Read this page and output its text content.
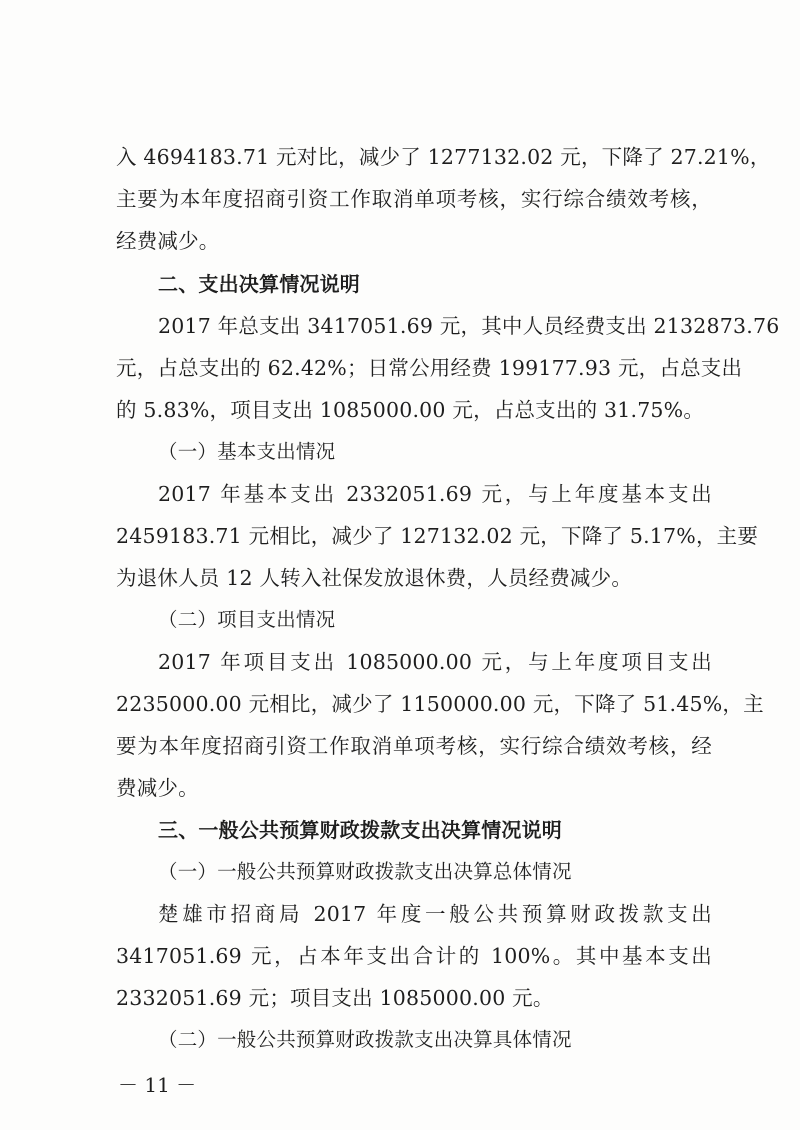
入 4694183.71 元对比，减少了 1277132.02 元，下降了 27.21%，
主要为本年度招商引资工作取消单项考核，实行综合绩效考核，
经费减少。
二、支出决算情况说明
2017 年总支出 3417051.69 元，其中人员经费支出 2132873.76
元，占总支出的 62.42%；日常公用经费 199177.93 元，占总支出
的 5.83%，项目支出 1085000.00 元，占总支出的 31.75%。
（一）基本支出情况
2017 年基本支出 2332051.69 元，与上年度基本支出
2459183.71 元相比，减少了 127132.02 元，下降了 5.17%，主要
为退休人员 12 人转入社保发放退休费，人员经费减少。
（二）项目支出情况
2017 年项目支出 1085000.00 元，与上年度项目支出
2235000.00 元相比，减少了 1150000.00 元，下降了 51.45%，主
要为本年度招商引资工作取消单项考核，实行综合绩效考核，经
费减少。
三、一般公共预算财政拨款支出决算情况说明
（一）一般公共预算财政拨款支出决算总体情况
楚雄市招商局 2017 年度一般公共预算财政拨款支出
3417051.69 元，占本年支出合计的 100%。其中基本支出
2332051.69 元；项目支出 1085000.00 元。
（二）一般公共预算财政拨款支出决算具体情况
－ 11 －
